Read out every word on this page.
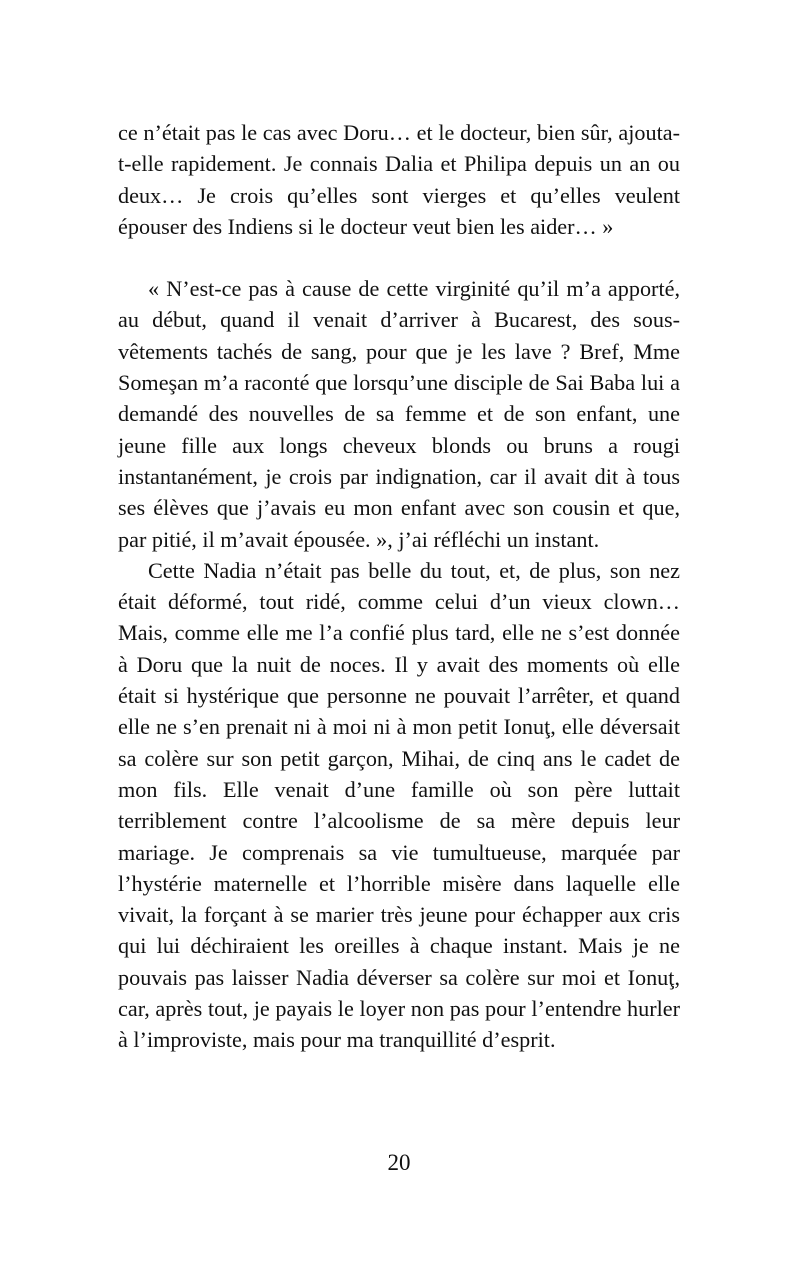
ce n’était pas le cas avec Doru… et le docteur, bien sûr, ajouta-t-elle rapidement. Je connais Dalia et Philipa depuis un an ou deux… Je crois qu’elles sont vierges et qu’elles veulent épouser des Indiens si le docteur veut bien les aider… »

« N’est-ce pas à cause de cette virginité qu’il m’a apporté, au début, quand il venait d’arriver à Bucarest, des sous-vêtements tachés de sang, pour que je les lave ? Bref, Mme Someşan m’a raconté que lorsqu’une disciple de Sai Baba lui a demandé des nouvelles de sa femme et de son enfant, une jeune fille aux longs cheveux blonds ou bruns a rougi instantanément, je crois par indignation, car il avait dit à tous ses élèves que j’avais eu mon enfant avec son cousin et que, par pitié, il m’avait épousée. », j’ai réfléchi un instant.

Cette Nadia n’était pas belle du tout, et, de plus, son nez était déformé, tout ridé, comme celui d’un vieux clown… Mais, comme elle me l’a confié plus tard, elle ne s’est donnée à Doru que la nuit de noces. Il y avait des moments où elle était si hystérique que personne ne pouvait l’arrêter, et quand elle ne s’en prenait ni à moi ni à mon petit Ionuţ, elle déversait sa colère sur son petit garçon, Mihai, de cinq ans le cadet de mon fils. Elle venait d’une famille où son père luttait terriblement contre l’alcoolisme de sa mère depuis leur mariage. Je comprenais sa vie tumultueuse, marquée par l’hystérie maternelle et l’horrible misère dans laquelle elle vivait, la forçant à se marier très jeune pour échapper aux cris qui lui déchiraient les oreilles à chaque instant. Mais je ne pouvais pas laisser Nadia déverser sa colère sur moi et Ionuţ, car, après tout, je payais le loyer non pas pour l’entendre hurler à l’improviste, mais pour ma tranquillité d’esprit.

20
